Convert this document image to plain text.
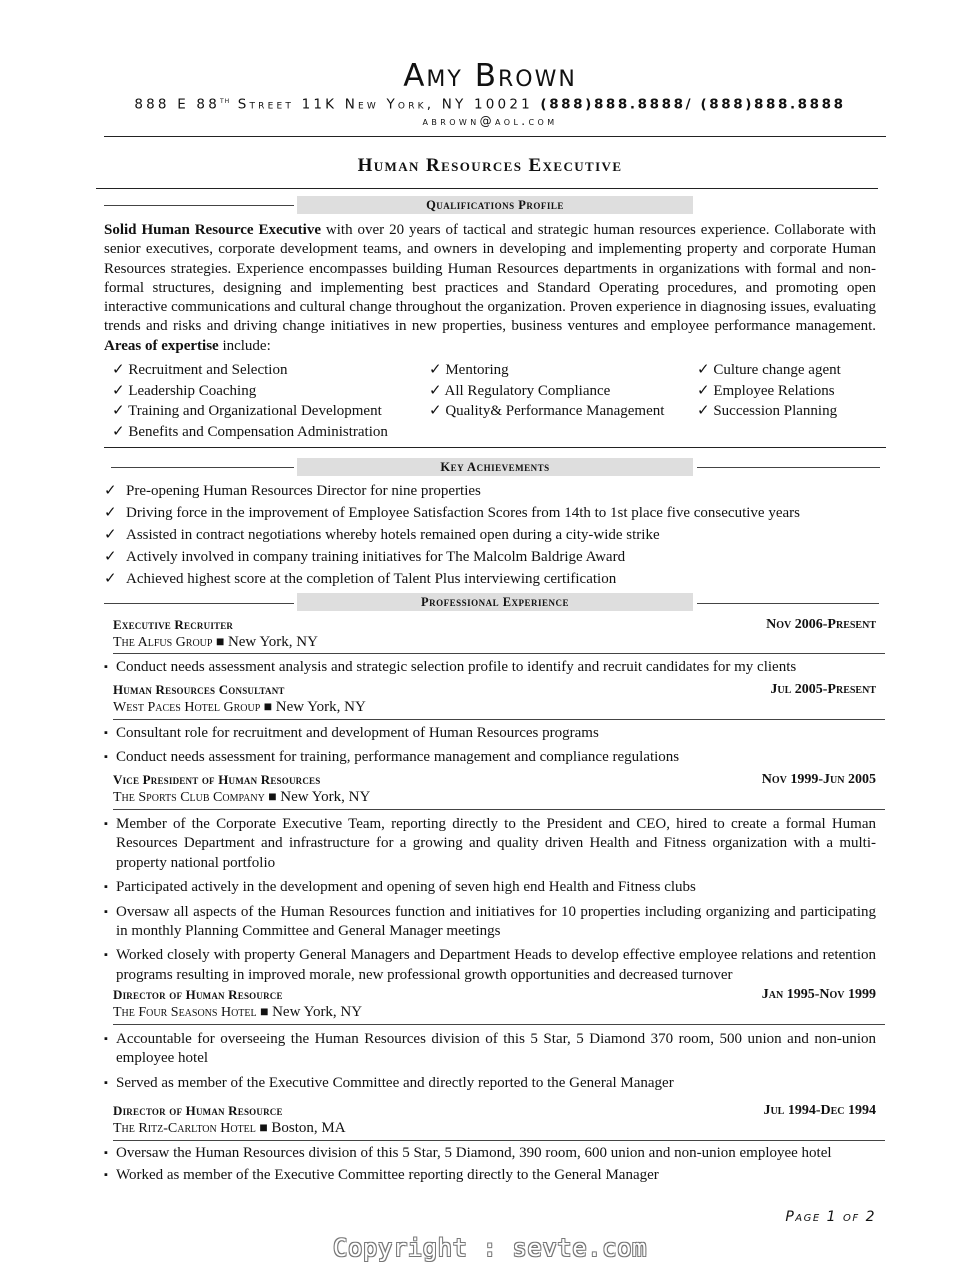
Amy Brown
888 E 88th Street 11K New York, NY 10021 (888)888.8888/ (888)888.8888
abrown@aol.com
Human Resources Executive
Qualifications Profile
Solid Human Resource Executive with over 20 years of tactical and strategic human resources experience. Collaborate with senior executives, corporate development teams, and owners in developing and implementing property and corporate Human Resources strategies. Experience encompasses building Human Resources departments in organizations with formal and non-formal structures, designing and implementing best practices and Standard Operating procedures, and promoting open interactive communications and cultural change throughout the organization. Proven experience in diagnosing issues, evaluating trends and risks and driving change initiatives in new properties, business ventures and employee performance management. Areas of expertise include:
✓ Recruitment and Selection
✓ Leadership Coaching
✓ Training and Organizational Development
✓ Benefits and Compensation Administration
✓ Mentoring
✓ All Regulatory Compliance
✓ Quality& Performance Management
✓ Culture change agent
✓ Employee Relations
✓ Succession Planning
Key Achievements
✓ Pre-opening Human Resources Director for nine properties
✓ Driving force in the improvement of Employee Satisfaction Scores from 14th to 1st place five consecutive years
✓ Assisted in contract negotiations whereby hotels remained open during a city-wide strike
✓ Actively involved in company training initiatives for The Malcolm Baldrige Award
✓ Achieved highest score at the completion of Talent Plus interviewing certification
Professional Experience
Executive Recruiter	Nov 2006-Present
The Alfus Group ■ New York, NY
▪ Conduct needs assessment analysis and strategic selection profile to identify and recruit candidates for my clients
Human Resources Consultant	Jul 2005-Present
West Paces Hotel Group ■ New York, NY
▪ Consultant role for recruitment and development of Human Resources programs
▪ Conduct needs assessment for training, performance management and compliance regulations
Vice President of Human Resources	Nov 1999-Jun 2005
The Sports Club Company ■ New York, NY
▪ Member of the Corporate Executive Team, reporting directly to the President and CEO, hired to create a formal Human Resources Department and infrastructure for a growing and quality driven Health and Fitness organization with a multi-property national portfolio
▪ Participated actively in the development and opening of seven high end Health and Fitness clubs
▪ Oversaw all aspects of the Human Resources function and initiatives for 10 properties including organizing and participating in monthly Planning Committee and General Manager meetings
▪ Worked closely with property General Managers and Department Heads to develop effective employee relations and retention programs resulting in improved morale, new professional growth opportunities and decreased turnover
Director of Human Resource	Jan 1995-Nov 1999
The Four Seasons Hotel ■ New York, NY
▪ Accountable for overseeing the Human Resources division of this 5 Star, 5 Diamond 370 room, 500 union and non-union employee hotel
▪ Served as member of the Executive Committee and directly reported to the General Manager
Director of Human Resource	Jul 1994-Dec 1994
The Ritz-Carlton Hotel ■ Boston, MA
▪ Oversaw the Human Resources division of this 5 Star, 5 Diamond, 390 room, 600 union and non-union employee hotel
▪ Worked as member of the Executive Committee reporting directly to the General Manager
Page 1 of 2
Copyright : sevte.com
